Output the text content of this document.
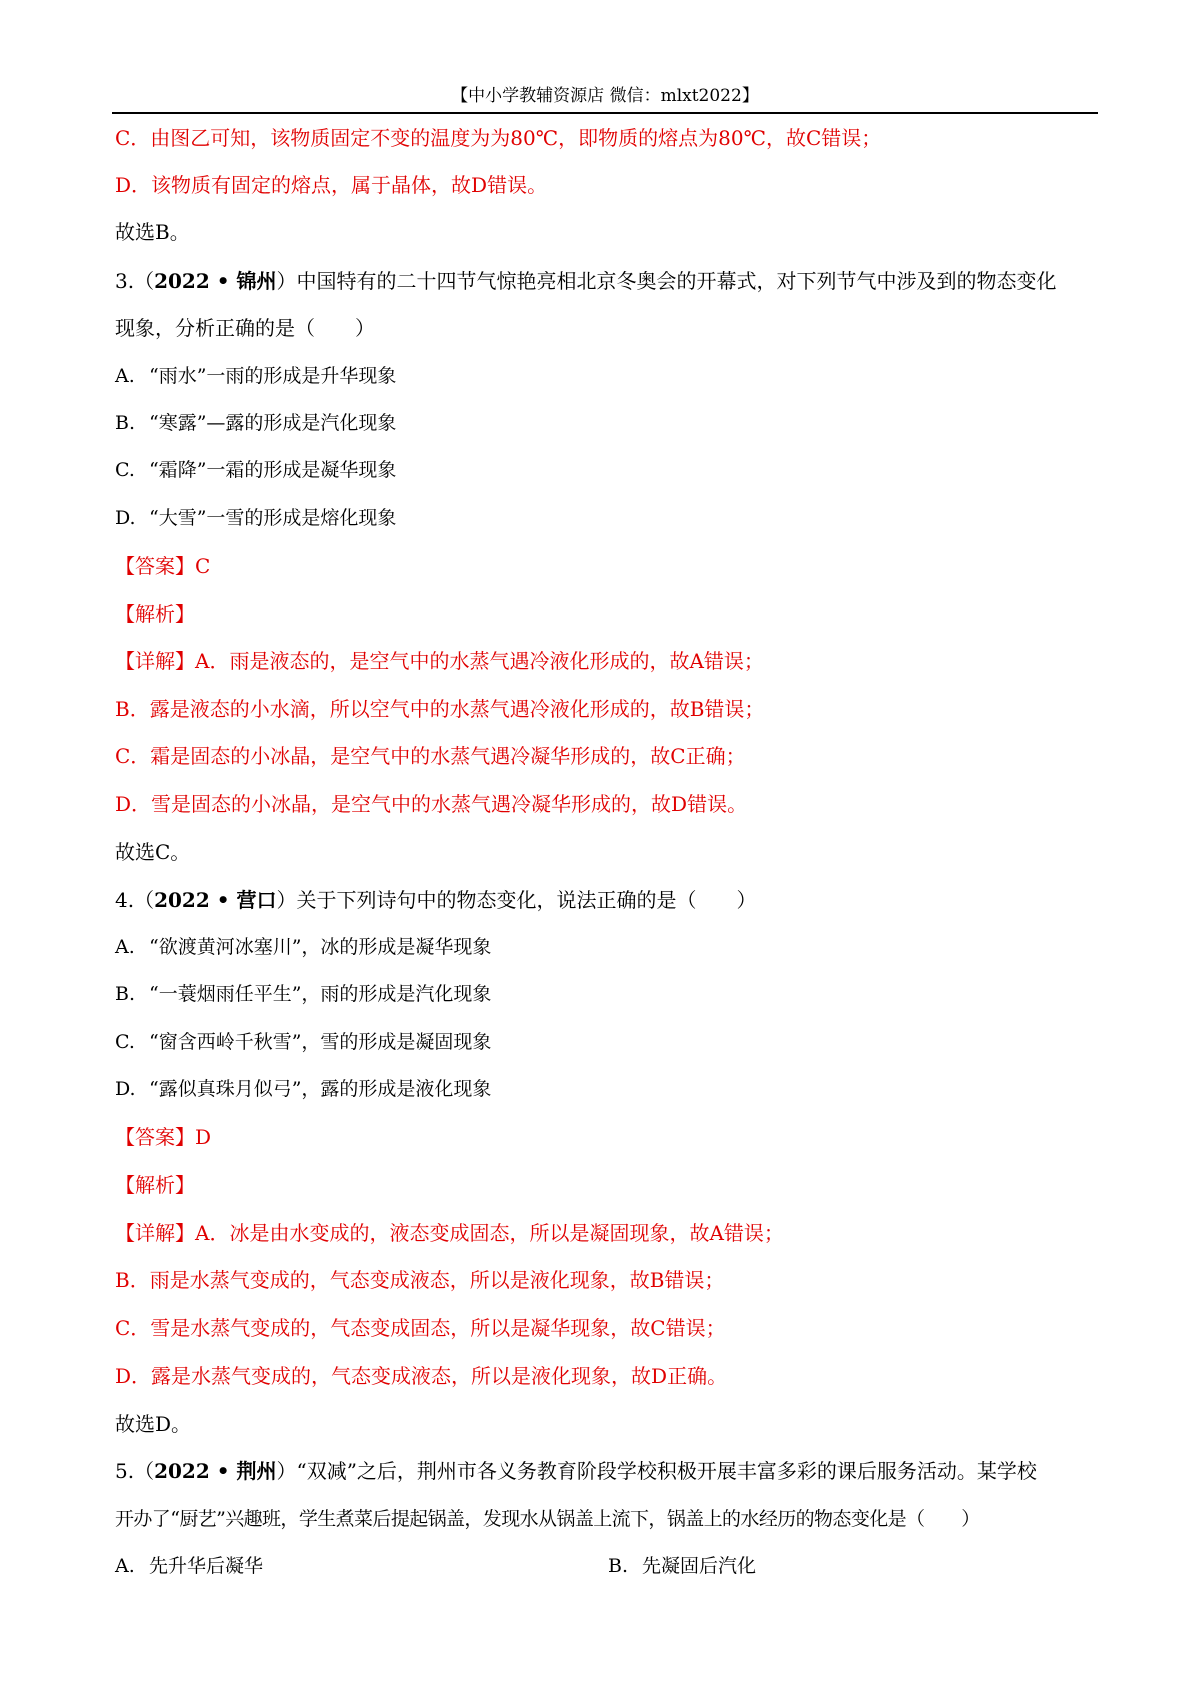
【中小学教辅资源店 微信：mlxt2022】
C．由图乙可知，该物质固定不变的温度为为80℃，即物质的熔点为80℃，故C错误；
D．该物质有固定的熔点，属于晶体，故D错误。
故选B。
3.（2022 • 锦州）中国特有的二十四节气惊艳亮相北京冬奥会的开幕式，对下列节气中涉及到的物态变化
现象，分析正确的是（　　）
A. “雨水”一雨的形成是升华现象
B. “寒露”—露的形成是汽化现象
C. “霜降”一霜的形成是凝华现象
D. “大雪”一雪的形成是熔化现象
【答案】C
【解析】
【详解】A．雨是液态的，是空气中的水蒸气遇冷液化形成的，故A错误；
B．露是液态的小水滴，所以空气中的水蒸气遇冷液化形成的，故B错误；
C．霜是固态的小冰晶，是空气中的水蒸气遇冷凝华形成的，故C正确；
D．雪是固态的小冰晶，是空气中的水蒸气遇冷凝华形成的，故D错误。
故选C。
4.（2022 • 营口）关于下列诗句中的物态变化，说法正确的是（　　）
A. “欲渡黄河冰塞川”，冰的形成是凝华现象
B. “一蓑烟雨任平生”，雨的形成是汽化现象
C. “窗含西岭千秋雪”，雪的形成是凝固现象
D. “露似真珠月似弓”，露的形成是液化现象
【答案】D
【解析】
【详解】A．冰是由水变成的，液态变成固态，所以是凝固现象，故A错误；
B．雨是水蒸气变成的，气态变成液态，所以是液化现象，故B错误；
C．雪是水蒸气变成的，气态变成固态，所以是凝华现象，故C错误；
D．露是水蒸气变成的，气态变成液态，所以是液化现象，故D正确。
故选D。
5.（2022 • 荆州）“双减”之后，荆州市各义务教育阶段学校积极开展丰富多彩的课后服务活动。某学校
开办了“厨艺”兴趣班，学生煮菜后提起锅盖，发现水从锅盖上流下，锅盖上的水经历的物态变化是（　　）
A. 先升华后凝华	B. 先凝固后汽化
